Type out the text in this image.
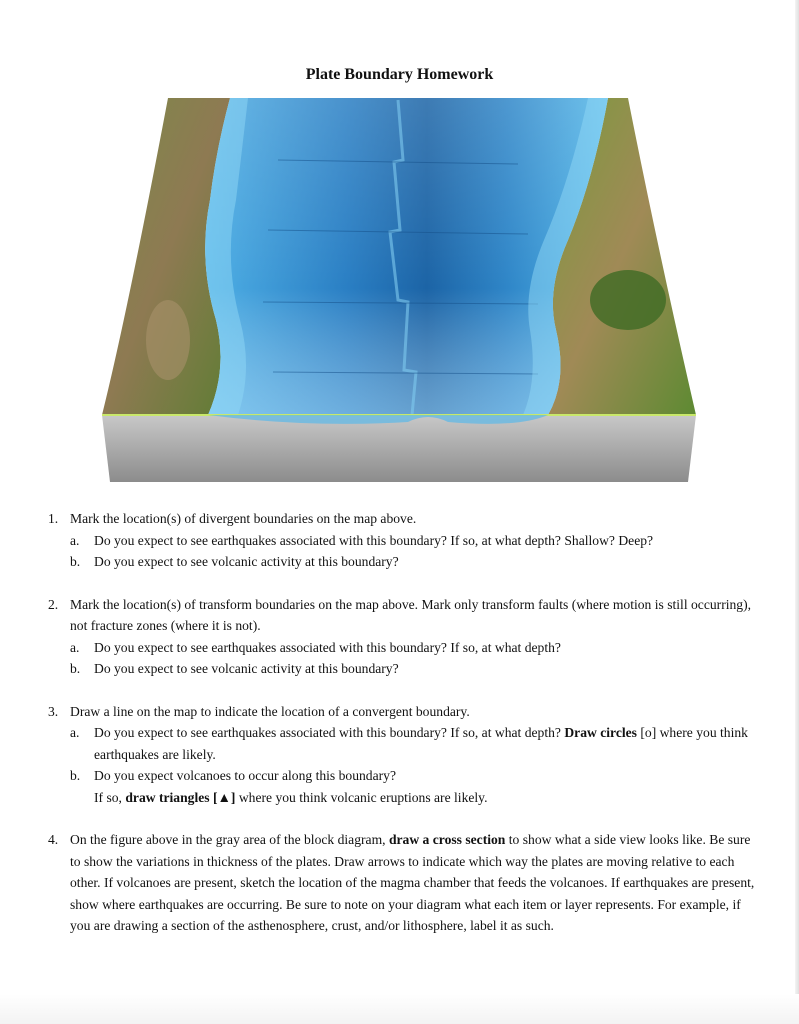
Plate Boundary Homework
1. Mark the location(s) of divergent boundaries on the map above.
a. Do you expect to see earthquakes associated with this boundary? If so, at what depth? Shallow? Deep?
b. Do you expect to see volcanic activity at this boundary?
2. Mark the location(s) of transform boundaries on the map above. Mark only transform faults (where motion is still occurring), not fracture zones (where it is not).
a. Do you expect to see earthquakes associated with this boundary? If so, at what depth?
b. Do you expect to see volcanic activity at this boundary?
3. Draw a line on the map to indicate the location of a convergent boundary.
a. Do you expect to see earthquakes associated with this boundary? If so, at what depth? Draw circles [o] where you think earthquakes are likely.
b. Do you expect volcanoes to occur along this boundary?
If so, draw triangles [▲] where you think volcanic eruptions are likely.
4. On the figure above in the gray area of the block diagram, draw a cross section to show what a side view looks like. Be sure to show the variations in thickness of the plates. Draw arrows to indicate which way the plates are moving relative to each other. If volcanoes are present, sketch the location of the magma chamber that feeds the volcanoes. If earthquakes are present, show where earthquakes are occurring. Be sure to note on your diagram what each item or layer represents. For example, if you are drawing a section of the asthenosphere, crust, and/or lithosphere, label it as such.
